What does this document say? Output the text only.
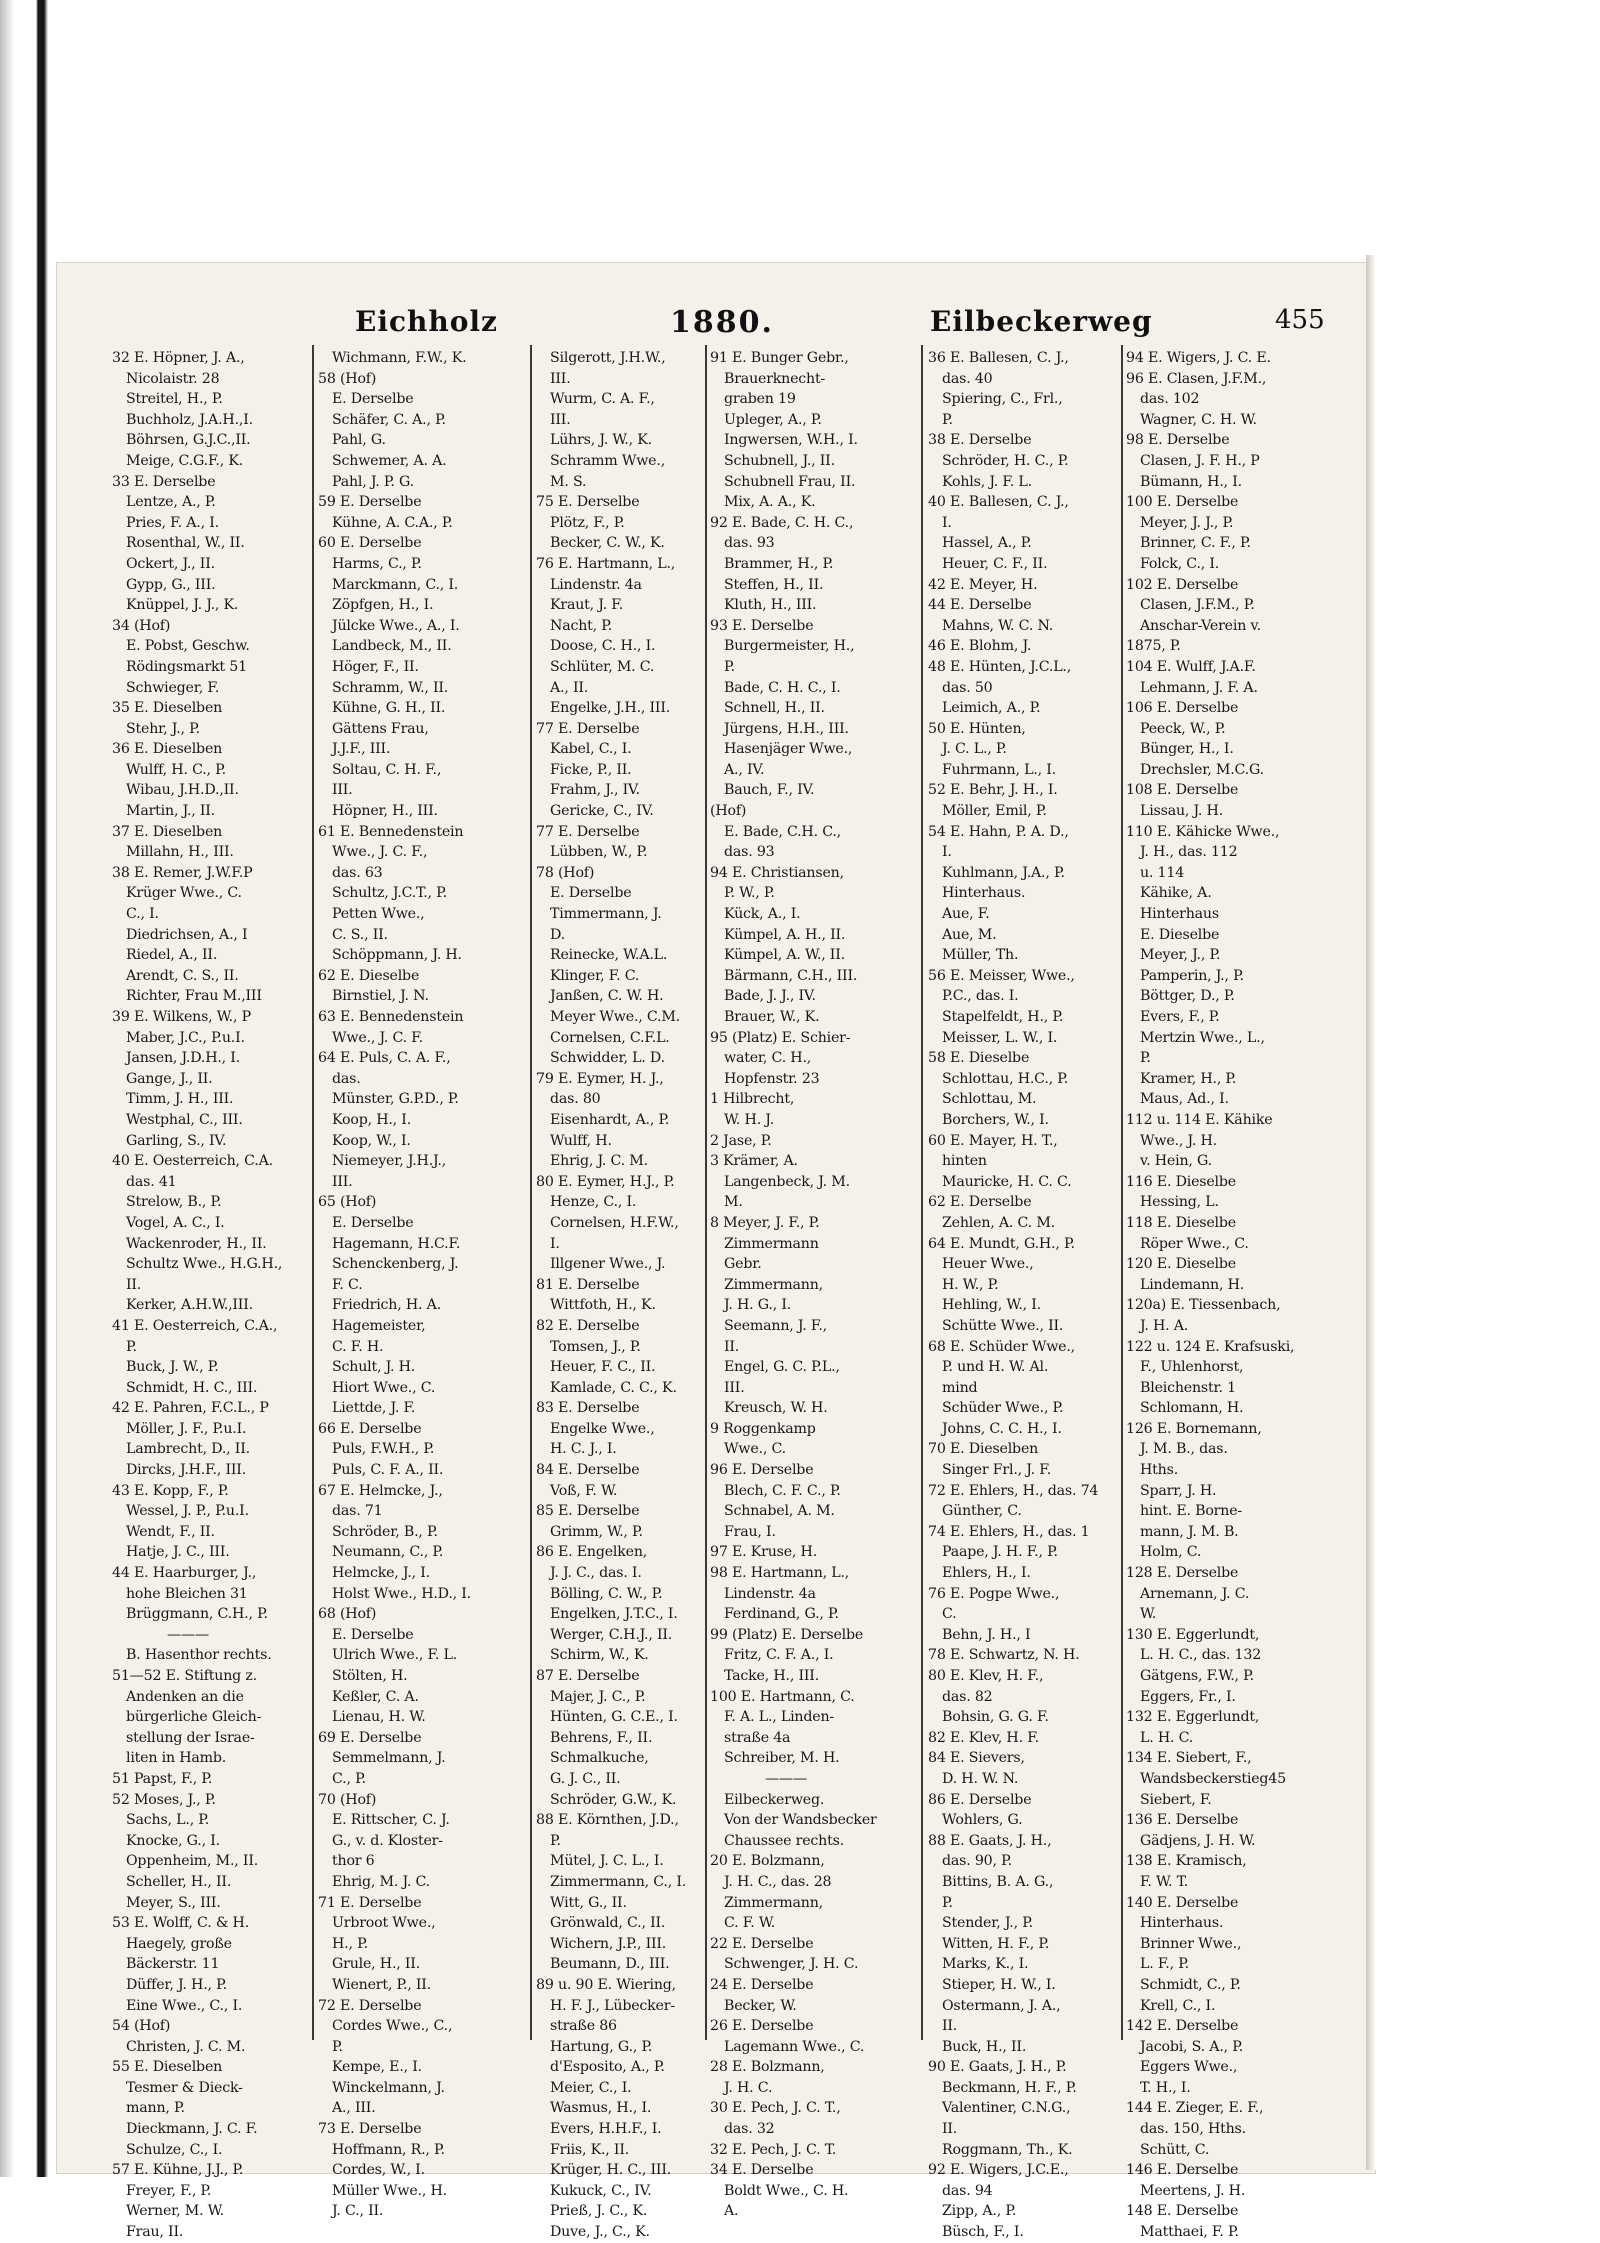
Eichholz	1880.	Eilbeckerweg	455
32 E. Höpner, J. A.,
Nicolaistr. 28
Streitel, H., P.
Buchholz, J.A.H.,I.
Böhrsen, G.J.C.,II.
Meige, C.G.F., K.
33 E. Derselbe
Lentze, A., P.
Pries, F. A., I.
Rosenthal, W., II.
Ockert, J., II.
Gypp, G., III.
Knüppel, J. J., K.
34 (Hof)
E. Pobst, Geschw.
Rödingsmarkt 51
Schwieger, F.
35 E. Dieselben
Stehr, J., P.
36 E. Dieselben
Wulff, H. C., P.
Wibau, J.H.D.,II.
Martin, J., II.
37 E. Dieselben
Millahn, H., III.
38 E. Remer, J.W.F.P
Krüger Wwe., C.
C., I.
Diedrichsen, A., I
Riedel, A., II.
Arendt, C. S., II.
Richter, Frau M.,III
39 E. Wilkens, W., P
Maber, J.C., P.u.I.
Jansen, J.D.H., I.
Gange, J., II.
Timm, J. H., III.
Westphal, C., III.
Garling, S., IV.
40 E. Oesterreich, C.A.
das. 41
Strelow, B., P.
Vogel, A. C., I.
Wackenroder, H., II.
Schultz Wwe., H.G.H.,
II.
Kerker, A.H.W.,III.
41 E. Oesterreich, C.A.,
P.
Buck, J. W., P.
Schmidt, H. C., III.
42 E. Pahren, F.C.L., P
Möller, J. F., P.u.I.
Lambrecht, D., II.
Dircks, J.H.F., III.
43 E. Kopp, F., P.
Wessel, J. P., P.u.I.
Wendt, F., II.
Hatje, J. C., III.
44 E. Haarburger, J.,
hohe Bleichen 31
Brüggmann, C.H., P.
———
B. Hasenthor rechts.
51—52 E. Stiftung z.
Andenken an die
bürgerliche Gleich-
stellung der Israe-
liten in Hamb.
51 Papst, F., P.
52 Moses, J., P.
Sachs, L., P.
Knocke, G., I.
Oppenheim, M., II.
Scheller, H., II.
Meyer, S., III.
53 E. Wolff, C. & H.
Haegely, große
Bäckerstr. 11
Düffer, J. H., P.
Eine Wwe., C., I.
54 (Hof)
Christen, J. C. M.
55 E. Dieselben
Tesmer & Dieck-
mann, P.
Dieckmann, J. C. F.
Schulze, C., I.
57 E. Kühne, J.J., P.
Freyer, F., P.
Werner, M. W.
Frau, II.
Wichmann, F.W., K.
58 (Hof)
E. Derselbe
Schäfer, C. A., P.
Pahl, G.
Schwemer, A. A.
Pahl, J. P. G.
59 E. Derselbe
Kühne, A. C.A., P.
60 E. Derselbe
Harms, C., P.
Marckmann, C., I.
Zöpfgen, H., I.
Jülcke Wwe., A., I.
Landbeck, M., II.
Höger, F., II.
Schramm, W., II.
Kühne, G. H., II.
Gättens Frau,
J.J.F., III.
Soltau, C. H. F.,
III.
Höpner, H., III.
61 E. Bennedenstein
Wwe., J. C. F.,
das. 63
Schultz, J.C.T., P.
Petten Wwe.,
C. S., II.
Schöppmann, J. H.
62 E. Dieselbe
Birnstiel, J. N.
63 E. Bennedenstein
Wwe., J. C. F.
64 E. Puls, C. A. F.,
das.
Münster, G.P.D., P.
Koop, H., I.
Koop, W., I.
Niemeyer, J.H.J.,
III.
65 (Hof)
E. Derselbe
Hagemann, H.C.F.
Schenckenberg, J.
F. C.
Friedrich, H. A.
Hagemeister,
C. F. H.
Schult, J. H.
Hiort Wwe., C.
Liettde, J. F.
66 E. Derselbe
Puls, F.W.H., P.
Puls, C. F. A., II.
67 E. Helmcke, J.,
das. 71
Schröder, B., P.
Neumann, C., P.
Helmcke, J., I.
Holst Wwe., H.D., I.
68 (Hof)
E. Derselbe
Ulrich Wwe., F. L.
Stölten, H.
Keßler, C. A.
Lienau, H. W.
69 E. Derselbe
Semmelmann, J.
C., P.
70 (Hof)
E. Rittscher, C. J.
G., v. d. Kloster-
thor 6
Ehrig, M. J. C.
71 E. Derselbe
Urbroot Wwe.,
H., P.
Grule, H., II.
Wienert, P., II.
72 E. Derselbe
Cordes Wwe., C.,
P.
Kempe, E., I.
Winckelmann, J.
A., III.
73 E. Derselbe
Hoffmann, R., P.
Cordes, W., I.
Müller Wwe., H.
J. C., II.
Silgerott, J.H.W.,
III.
Wurm, C. A. F.,
III.
Lührs, J. W., K.
Schramm Wwe.,
M. S.
75 E. Derselbe
Plötz, F., P.
Becker, C. W., K.
76 E. Hartmann, L.,
Lindenstr. 4a
Kraut, J. F.
Nacht, P.
Doose, C. H., I.
Schlüter, M. C.
A., II.
Engelke, J.H., III.
77 E. Derselbe
Kabel, C., I.
Ficke, P., II.
Frahm, J., IV.
Gericke, C., IV.
77 E. Derselbe
Lübben, W., P.
78 (Hof)
E. Derselbe
Timmermann, J.
D.
Reinecke, W.A.L.
Klinger, F. C.
Janßen, C. W. H.
Meyer Wwe., C.M.
Cornelsen, C.F.L.
Schwidder, L. D.
79 E. Eymer, H. J.,
das. 80
Eisenhardt, A., P.
Wulff, H.
Ehrig, J. C. M.
80 E. Eymer, H.J., P.
Henze, C., I.
Cornelsen, H.F.W.,
I.
Illgener Wwe., J.
81 E. Derselbe
Wittfoth, H., K.
82 E. Derselbe
Tomsen, J., P.
Heuer, F. C., II.
Kamlade, C. C., K.
83 E. Derselbe
Engelke Wwe.,
H. C. J., I.
84 E. Derselbe
Voß, F. W.
85 E. Derselbe
Grimm, W., P.
86 E. Engelken,
J. J. C., das. I.
Bölling, C. W., P.
Engelken, J.T.C., I.
Werger, C.H.J., II.
Schirm, W., K.
87 E. Derselbe
Majer, J. C., P.
Hünten, G. C.E., I.
Behrens, F., II.
Schmalkuche,
G. J. C., II.
Schröder, G.W., K.
88 E. Körnthen, J.D.,
P.
Mütel, J. C. L., I.
Zimmermann, C., I.
Witt, G., II.
Grönwald, C., II.
Wichern, J.P., III.
Beumann, D., III.
89 u. 90 E. Wiering,
H. F. J., Lübecker-
straße 86
Hartung, G., P.
d'Esposito, A., P.
Meier, C., I.
Wasmus, H., I.
Evers, H.H.F., I.
Friis, K., II.
Krüger, H. C., III.
Kukuck, C., IV.
Prieß, J. C., K.
Duve, J., C., K.
91 E. Bunger Gebr.,
Brauerknecht-
graben 19
Upleger, A., P.
Ingwersen, W.H., I.
Schubnell, J., II.
Schubnell Frau, II.
Mix, A. A., K.
92 E. Bade, C. H. C.,
das. 93
Brammer, H., P.
Steffen, H., II.
Kluth, H., III.
93 E. Derselbe
Burgermeister, H.,
P.
Bade, C. H. C., I.
Schnell, H., II.
Jürgens, H.H., III.
Hasenjäger Wwe.,
A., IV.
Bauch, F., IV.
(Hof)
E. Bade, C.H. C.,
das. 93
94 E. Christiansen,
P. W., P.
Kück, A., I.
Kümpel, A. H., II.
Kümpel, A. W., II.
Bärmann, C.H., III.
Bade, J. J., IV.
Brauer, W., K.
95 (Platz) E. Schier-
water, C. H.,
Hopfenstr. 23
1 Hilbrecht,
W. H. J.
2 Jase, P.
3 Krämer, A.
Langenbeck, J. M.
M.
8 Meyer, J. F., P.
Zimmermann
Gebr.
Zimmermann,
J. H. G., I.
Seemann, J. F.,
II.
Engel, G. C. P.L.,
III.
Kreusch, W. H.
9 Roggenkamp
Wwe., C.
96 E. Derselbe
Blech, C. F. C., P.
Schnabel, A. M.
Frau, I.
97 E. Kruse, H.
98 E. Hartmann, L.,
Lindenstr. 4a
Ferdinand, G., P.
99 (Platz) E. Derselbe
Fritz, C. F. A., I.
Tacke, H., III.
100 E. Hartmann, C.
F. A. L., Linden-
straße 4a
Schreiber, M. H.
———
Eilbeckerweg.
Von der Wandsbecker
Chaussee rechts.
20 E. Bolzmann,
J. H. C., das. 28
Zimmermann,
C. F. W.
22 E. Derselbe
Schwenger, J. H. C.
24 E. Derselbe
Becker, W.
26 E. Derselbe
Lagemann Wwe., C.
28 E. Bolzmann,
J. H. C.
30 E. Pech, J. C. T.,
das. 32
32 E. Pech, J. C. T.
34 E. Derselbe
Boldt Wwe., C. H.
A.
36 E. Ballesen, C. J.,
das. 40
Spiering, C., Frl.,
P.
38 E. Derselbe
Schröder, H. C., P.
Kohls, J. F. L.
40 E. Ballesen, C. J.,
I.
Hassel, A., P.
Heuer, C. F., II.
42 E. Meyer, H.
44 E. Derselbe
Mahns, W. C. N.
46 E. Blohm, J.
48 E. Hünten, J.C.L.,
das. 50
Leimich, A., P.
50 E. Hünten,
J. C. L., P.
Fuhrmann, L., I.
52 E. Behr, J. H., I.
Möller, Emil, P.
54 E. Hahn, P. A. D.,
I.
Kuhlmann, J.A., P.
Hinterhaus.
Aue, F.
Aue, M.
Müller, Th.
56 E. Meisser, Wwe.,
P.C., das. I.
Stapelfeldt, H., P.
Meisser, L. W., I.
58 E. Dieselbe
Schlottau, H.C., P.
Schlottau, M.
Borchers, W., I.
60 E. Mayer, H. T.,
hinten
Mauricke, H. C. C.
62 E. Derselbe
Zehlen, A. C. M.
64 E. Mundt, G.H., P.
Heuer Wwe.,
H. W., P.
Hehling, W., I.
Schütte Wwe., II.
68 E. Schüder Wwe.,
P. und H. W. Al.
mind
Schüder Wwe., P.
Johns, C. C. H., I.
70 E. Dieselben
Singer Frl., J. F.
72 E. Ehlers, H., das. 74
Günther, C.
74 E. Ehlers, H., das. 1
Paape, J. H. F., P.
Ehlers, H., I.
76 E. Pogpe Wwe.,
C.
Behn, J. H., I
78 E. Schwartz, N. H.
80 E. Klev, H. F.,
das. 82
Bohsin, G. G. F.
82 E. Klev, H. F.
84 E. Sievers,
D. H. W. N.
86 E. Derselbe
Wohlers, G.
88 E. Gaats, J. H.,
das. 90, P.
Bittins, B. A. G.,
P.
Stender, J., P.
Witten, H. F., P.
Marks, K., I.
Stieper, H. W., I.
Ostermann, J. A.,
II.
Buck, H., II.
90 E. Gaats, J. H., P.
Beckmann, H. F., P.
Valentiner, C.N.G.,
II.
Roggmann, Th., K.
92 E. Wigers, J.C.E.,
das. 94
Zipp, A., P.
Büsch, F., I.
94 E. Wigers, J. C. E.
96 E. Clasen, J.F.M.,
das. 102
Wagner, C. H. W.
98 E. Derselbe
Clasen, J. F. H., P
Bümann, H., I.
100 E. Derselbe
Meyer, J. J., P.
Brinner, C. F., P.
Folck, C., I.
102 E. Derselbe
Clasen, J.F.M., P.
Anschar-Verein v.
1875, P.
104 E. Wulff, J.A.F.
Lehmann, J. F. A.
106 E. Derselbe
Peeck, W., P.
Bünger, H., I.
Drechsler, M.C.G.
108 E. Derselbe
Lissau, J. H.
110 E. Kähicke Wwe.,
J. H., das. 112
u. 114
Kähike, A.
Hinterhaus
E. Dieselbe
Meyer, J., P.
Pamperin, J., P.
Böttger, D., P.
Evers, F., P.
Mertzin Wwe., L.,
P.
Kramer, H., P.
Maus, Ad., I.
112 u. 114 E. Kähike
Wwe., J. H.
v. Hein, G.
116 E. Dieselbe
Hessing, L.
118 E. Dieselbe
Röper Wwe., C.
120 E. Dieselbe
Lindemann, H.
120a) E. Tiessenbach,
J. H. A.
122 u. 124 E. Krafsuski,
F., Uhlenhorst,
Bleichenstr. 1
Schlomann, H.
126 E. Bornemann,
J. M. B., das.
Hths.
Sparr, J. H.
hint. E. Borne-
mann, J. M. B.
Holm, C.
128 E. Derselbe
Arnemann, J. C.
W.
130 E. Eggerlundt,
L. H. C., das. 132
Gätgens, F.W., P.
Eggers, Fr., I.
132 E. Eggerlundt,
L. H. C.
134 E. Siebert, F.,
Wandsbeckerstieg45
Siebert, F.
136 E. Derselbe
Gädjens, J. H. W.
138 E. Kramisch,
F. W. T.
140 E. Derselbe
Hinterhaus.
Brinner Wwe.,
L. F., P.
Schmidt, C., P.
Krell, C., I.
142 E. Derselbe
Jacobi, S. A., P.
Eggers Wwe.,
T. H., I.
144 E. Zieger, E. F.,
das. 150, Hths.
Schütt, C.
146 E. Derselbe
Meertens, J. H.
148 E. Derselbe
Matthaei, F. P.
